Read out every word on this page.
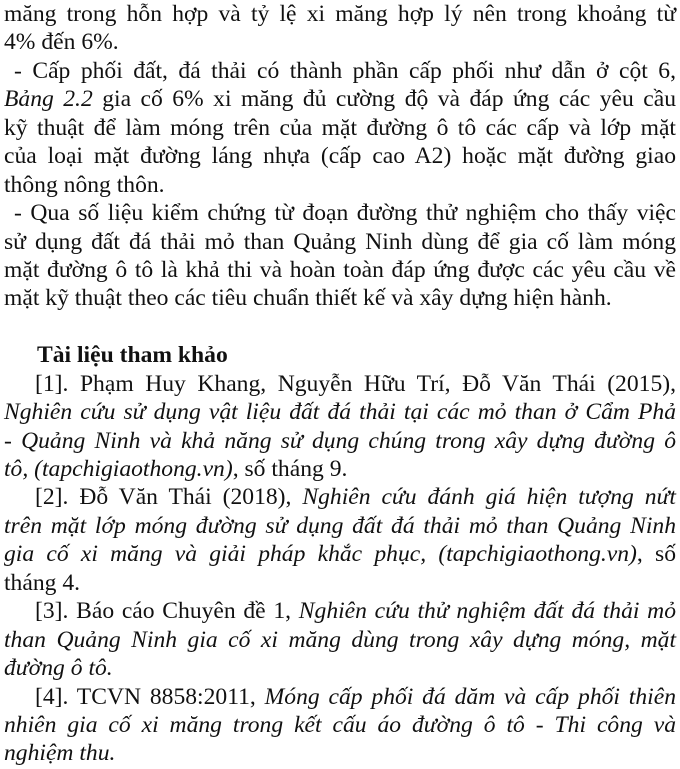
măng trong hỗn hợp và tỷ lệ xi măng hợp lý nên trong khoảng từ
4% đến 6%.
- Cấp phối đất, đá thải có thành phần cấp phối như dẫn ở cột 6,
Bảng 2.2 gia cố 6% xi măng đủ cường độ và đáp ứng các yêu cầu
kỹ thuật để làm móng trên của mặt đường ô tô các cấp và lớp mặt
của loại mặt đường láng nhựa (cấp cao A2) hoặc mặt đường giao
thông nông thôn.
- Qua số liệu kiểm chứng từ đoạn đường thử nghiệm cho thấy việc
sử dụng đất đá thải mỏ than Quảng Ninh dùng để gia cố làm móng
mặt đường ô tô là khả thi và hoàn toàn đáp ứng được các yêu cầu về
mặt kỹ thuật theo các tiêu chuẩn thiết kế và xây dựng hiện hành.
Tài liệu tham khảo
[1]. Phạm Huy Khang, Nguyễn Hữu Trí, Đỗ Văn Thái (2015),
Nghiên cứu sử dụng vật liệu đất đá thải tại các mỏ than ở Cẩm Phả
- Quảng Ninh và khả năng sử dụng chúng trong xây dựng đường ô
tô, (tapchigiaothong.vn), số tháng 9.
[2]. Đỗ Văn Thái (2018), Nghiên cứu đánh giá hiện tượng nứt
trên mặt lớp móng đường sử dụng đất đá thải mỏ than Quảng Ninh
gia cố xi măng và giải pháp khắc phục, (tapchigiaothong.vn), số
tháng 4.
[3]. Báo cáo Chuyên đề 1, Nghiên cứu thử nghiệm đất đá thải mỏ
than Quảng Ninh gia cố xi măng dùng trong xây dựng móng, mặt
đường ô tô.
[4]. TCVN 8858:2011, Móng cấp phối đá dăm và cấp phối thiên
nhiên gia cố xi măng trong kết cấu áo đường ô tô - Thi công và
nghiệm thu.
